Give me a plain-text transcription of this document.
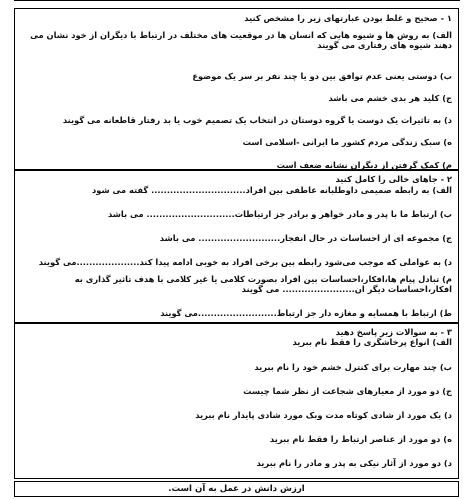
۱ - صحیح و غلط بودن عبارتهای زیر را مشخص کنید
الف) به روش ها و شیوه هایی که انسان ها در موقعیت های مختلف در ارتباط با دیگران از خود نشان می دهند شیوه های رفتاری می گویند
ب) دوستی یعنی عدم توافق بین دو یا چند نفر بر سر یک موضوع
ج) کلید هر بدی خشم می باشد
د) به تاثیرات یک دوست یا گروه دوستان در انتخاب یک تصمیم خوب یا بد رفتار قاطعانه می گویند
ه) سبک زندگی مردم کشور ما ایرانی -اسلامی است
م) کمک گرفتن از دیگران نشانه ضعف است
۲ - جاهای خالی را کامل کنید
الف) به رابطه صمیمی داوطلبانه عاطفی بین افراد.............................. گفته می شود
ب) ارتباط ما با پدر و مادر خواهر و برادر جز ارتباطات............................ می باشد
ج) مجموعه ای از احساسات در حال انفجار.......................... می باشد
د) به عواملی که موجب می‌شود رابطه بین برخی افراد به خوبی ادامه پیدا کند....................می گویند
م) تبادل پیام ها،افکار،احساسات بین افراد بصورت کلامی یا غیر کلامی با هدف تاثیر گذاری به افکار،احساسات دیگر ان....................... می گویند
ط) ارتباط با همسایه و مغازه دار جز ارتباط.........................می گویند
۳ - به سوالات زیر پاسخ دهید
الف) انواع پرخاشگری را فقط نام ببرید
ب) چند مهارت برای کنترل خشم خود را نام ببرید
ج) دو مورد از معیارهای شجاعت از نظر شما چیست
د) یک مورد از شادی کوتاه مدت وبک مورد شادی پایدار نام ببرید
ه) دو مورد از عناصر ارتباط را فقط نام ببرید
د) دو مورد از آثار نیکی به پدر و مادر را نام ببرید
ارزش دانش در عمل به آن است.
